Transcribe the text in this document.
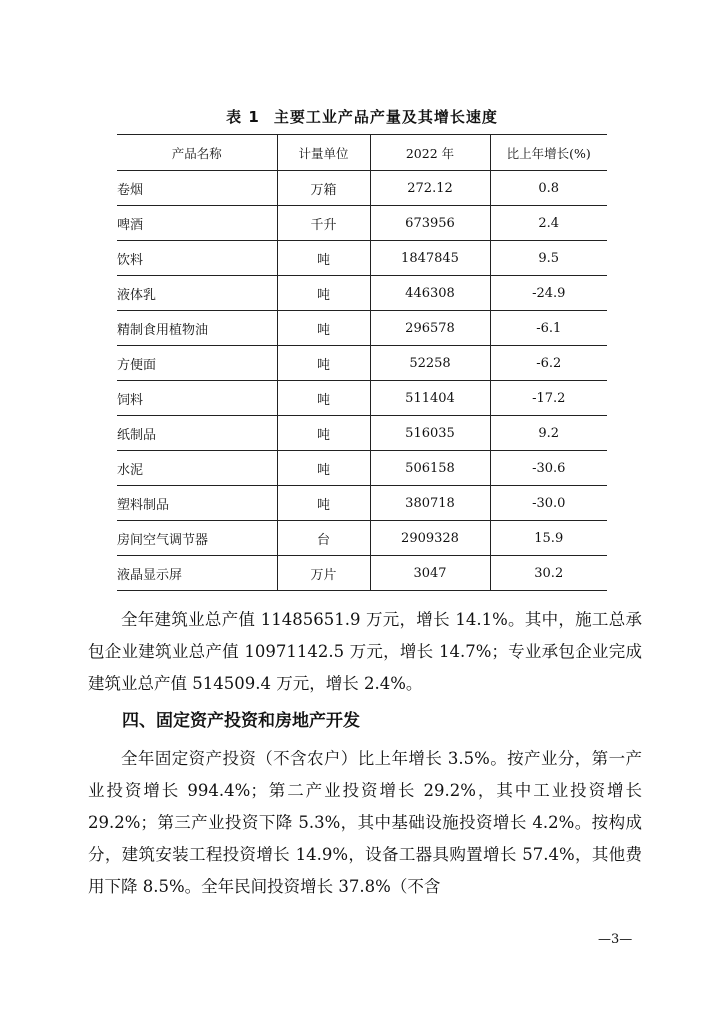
表 1 主要工业产品产量及其增长速度
产品名称	计量单位	2022 年	比上年增长(%)
卷烟	万箱	272.12	0.8
啤酒	千升	673956	2.4
饮料	吨	1847845	9.5
液体乳	吨	446308	-24.9
精制食用植物油	吨	296578	-6.1
方便面	吨	52258	-6.2
饲料	吨	511404	-17.2
纸制品	吨	516035	9.2
水泥	吨	506158	-30.6
塑料制品	吨	380718	-30.0
房间空气调节器	台	2909328	15.9
液晶显示屏	万片	3047	30.2

全年建筑业总产值 11485651.9 万元，增长 14.1%。其中，施工总承包企业建筑业总产值 10971142.5 万元，增长 14.7%；专业承包企业完成建筑业总产值 514509.4 万元，增长 2.4%。

四、固定资产投资和房地产开发

全年固定资产投资（不含农户）比上年增长 3.5%。按产业分，第一产业投资增长 994.4%；第二产业投资增长 29.2%，其中工业投资增长 29.2%；第三产业投资下降 5.3%，其中基础设施投资增长 4.2%。按构成分，建筑安装工程投资增长 14.9%，设备工器具购置增长 57.4%，其他费用下降 8.5%。全年民间投资增长 37.8%（不含

—3—
